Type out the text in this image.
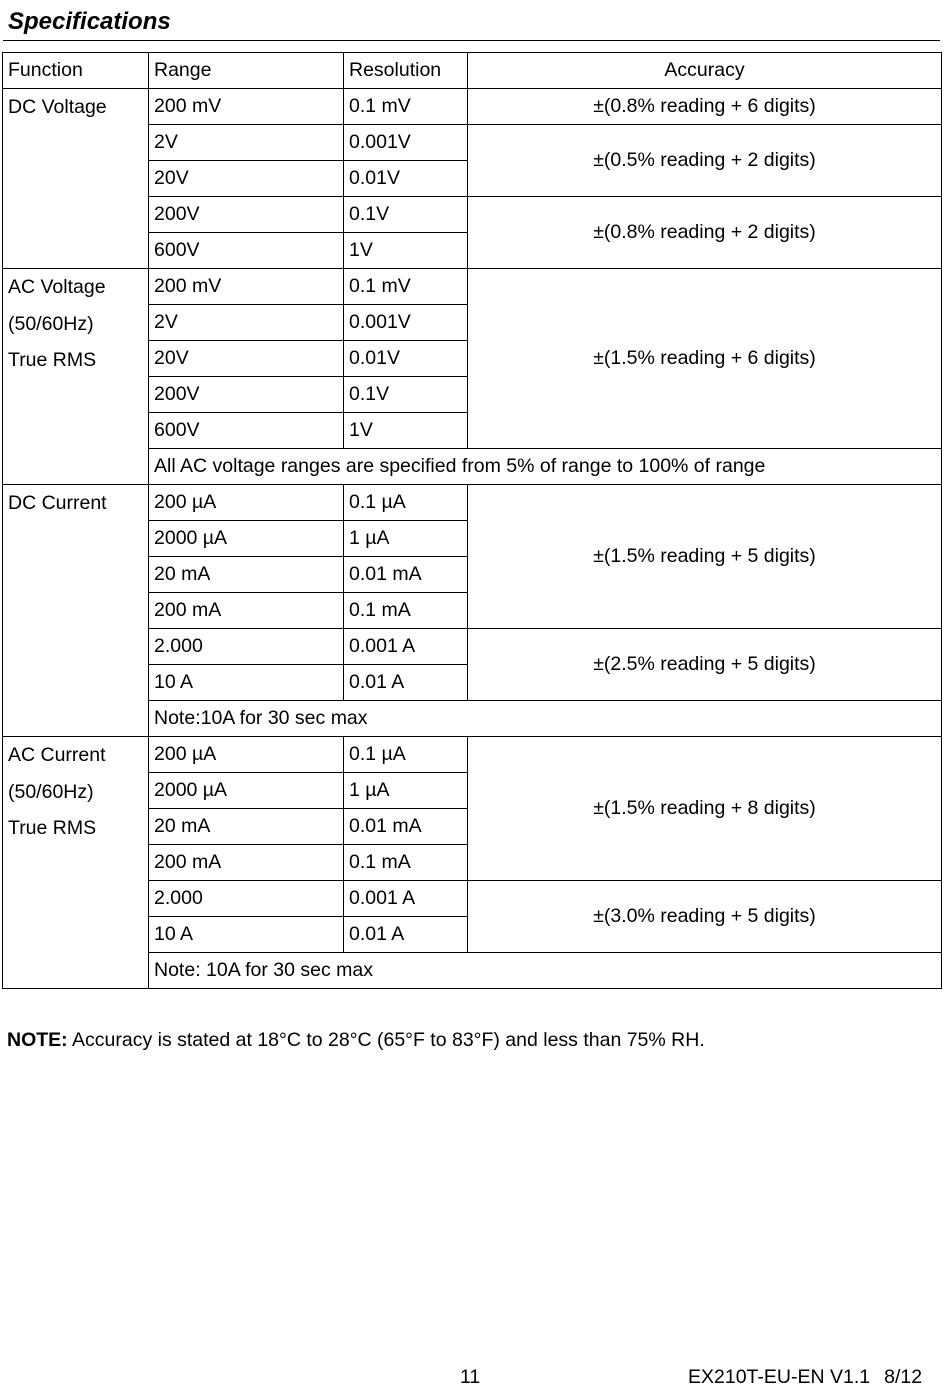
Specifications
Function	Range	Resolution	Accuracy

DC Voltage	200 mV	0.1 mV	±(0.8% reading + 6 digits)
	2V	0.001V	±(0.5% reading + 2 digits)
	20V	0.01V	
	200V	0.1V	±(0.8% reading + 2 digits)
	600V	1V	

AC Voltage
(50/60Hz)
True RMS	200 mV	0.1 mV	±(1.5% reading + 6 digits)
	2V	0.001V	
	20V	0.01V	
	200V	0.1V	
	600V	1V	
	All AC voltage ranges are specified from 5% of range to 100% of range		

DC Current	200 µA	0.1 µA	±(1.5% reading + 5 digits)
	2000 µA	1 µA	
	20 mA	0.01 mA	
	200 mA	0.1 mA	
	2.000	0.001 A	±(2.5% reading + 5 digits)
	10 A	0.01 A	
	Note:10A for 30 sec max		

AC Current
(50/60Hz)
True RMS	200 µA	0.1 µA	±(1.5% reading + 8 digits)
	2000 µA	1 µA	
	20 mA	0.01 mA	
	200 mA	0.1 mA	
	2.000	0.001 A	±(3.0% reading + 5 digits)
	10 A	0.01 A	
	Note: 10A for 30 sec max		
NOTE: Accuracy is stated at 18°C to 28°C (65°F to 83°F) and less than 75% RH.
11	EX210T-EU-EN V1.1 8/12
